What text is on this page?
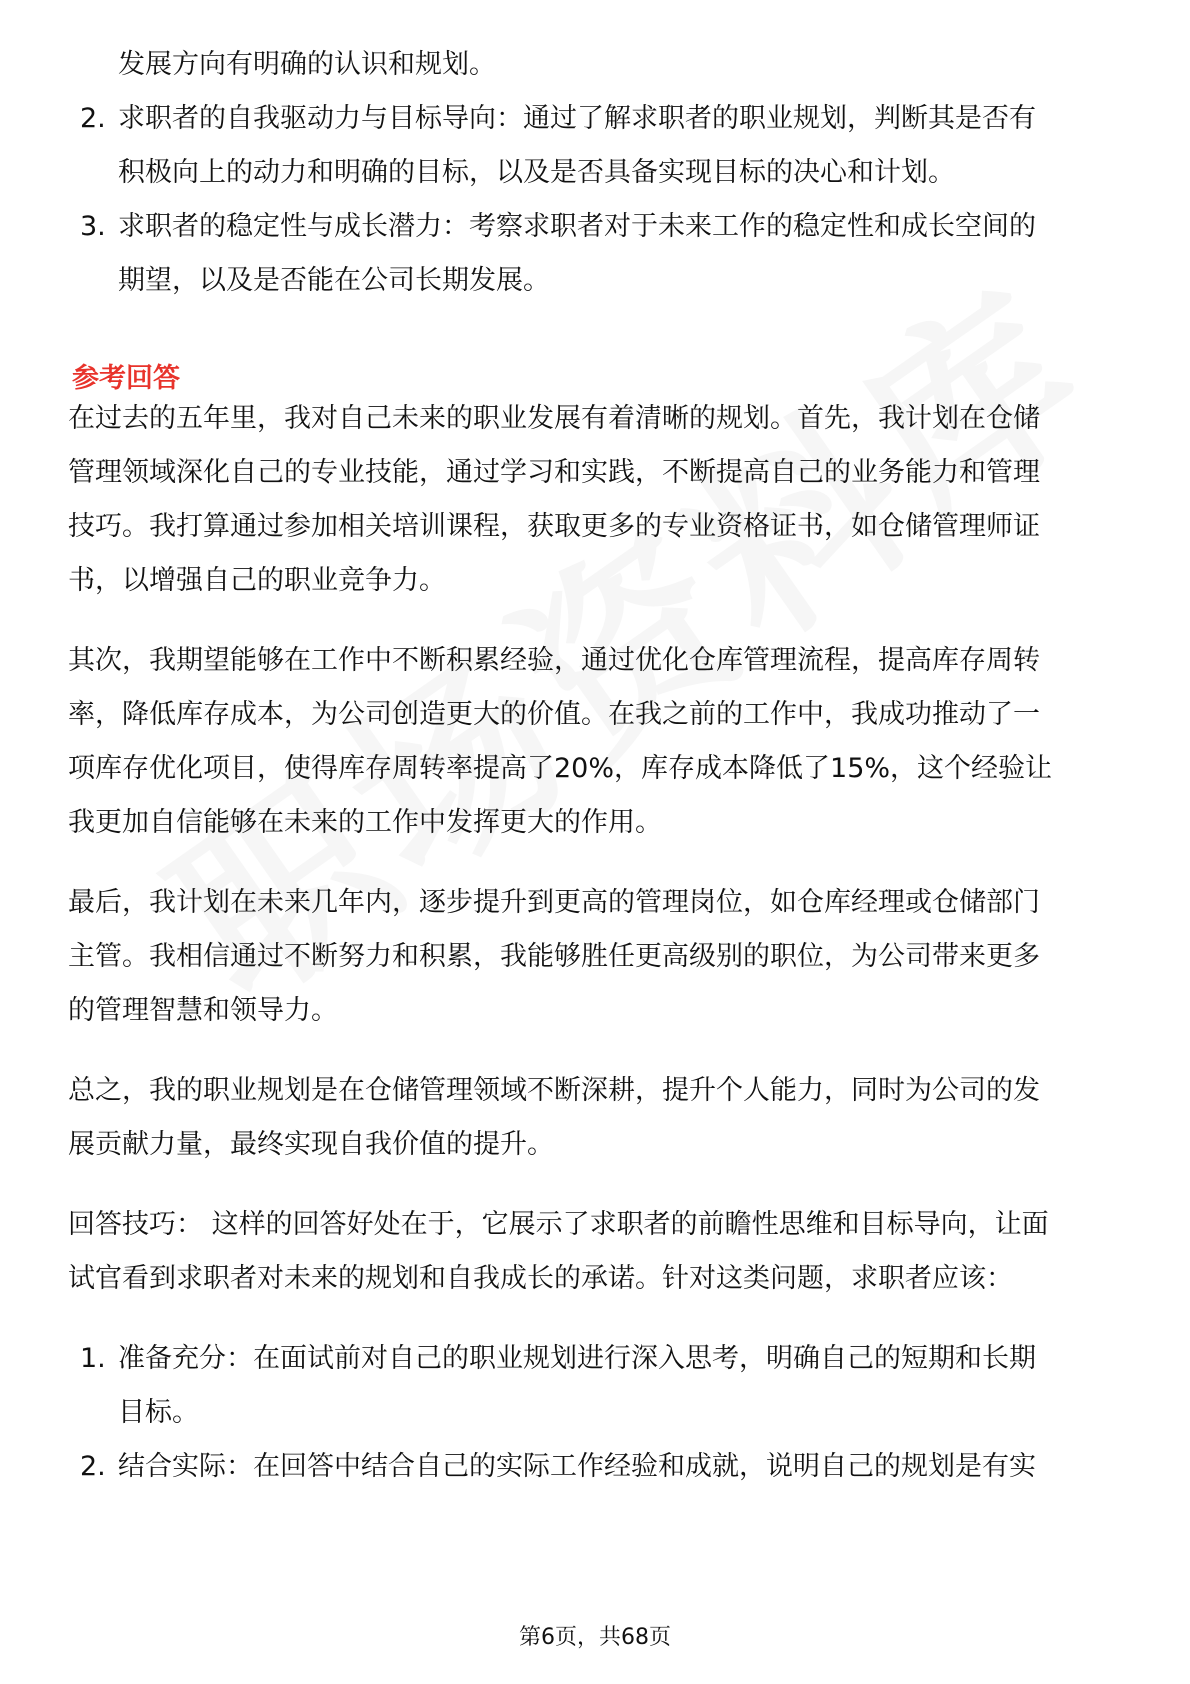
发展方向有明确的认识和规划。
2. 求职者的自我驱动力与目标导向：通过了解求职者的职业规划，判断其是否有
积极向上的动力和明确的目标，以及是否具备实现目标的决心和计划。
3. 求职者的稳定性与成长潜力：考察求职者对于未来工作的稳定性和成长空间的
期望，以及是否能在公司长期发展。
参考回答
在过去的五年里，我对自己未来的职业发展有着清晰的规划。首先，我计划在仓储
管理领域深化自己的专业技能，通过学习和实践，不断提高自己的业务能力和管理
技巧。我打算通过参加相关培训课程，获取更多的专业资格证书，如仓储管理师证
书，以增强自己的职业竞争力。
其次，我期望能够在工作中不断积累经验，通过优化仓库管理流程，提高库存周转
率，降低库存成本，为公司创造更大的价值。在我之前的工作中，我成功推动了一
项库存优化项目，使得库存周转率提高了20%，库存成本降低了15%，这个经验让
我更加自信能够在未来的工作中发挥更大的作用。
最后，我计划在未来几年内，逐步提升到更高的管理岗位，如仓库经理或仓储部门
主管。我相信通过不断努力和积累，我能够胜任更高级别的职位，为公司带来更多
的管理智慧和领导力。
总之，我的职业规划是在仓储管理领域不断深耕，提升个人能力，同时为公司的发
展贡献力量，最终实现自我价值的提升。
回答技巧： 这样的回答好处在于，它展示了求职者的前瞻性思维和目标导向，让面
试官看到求职者对未来的规划和自我成长的承诺。针对这类问题，求职者应该：
1. 准备充分：在面试前对自己的职业规划进行深入思考，明确自己的短期和长期
目标。
2. 结合实际：在回答中结合自己的实际工作经验和成就，说明自己的规划是有实
第6页，共68页
